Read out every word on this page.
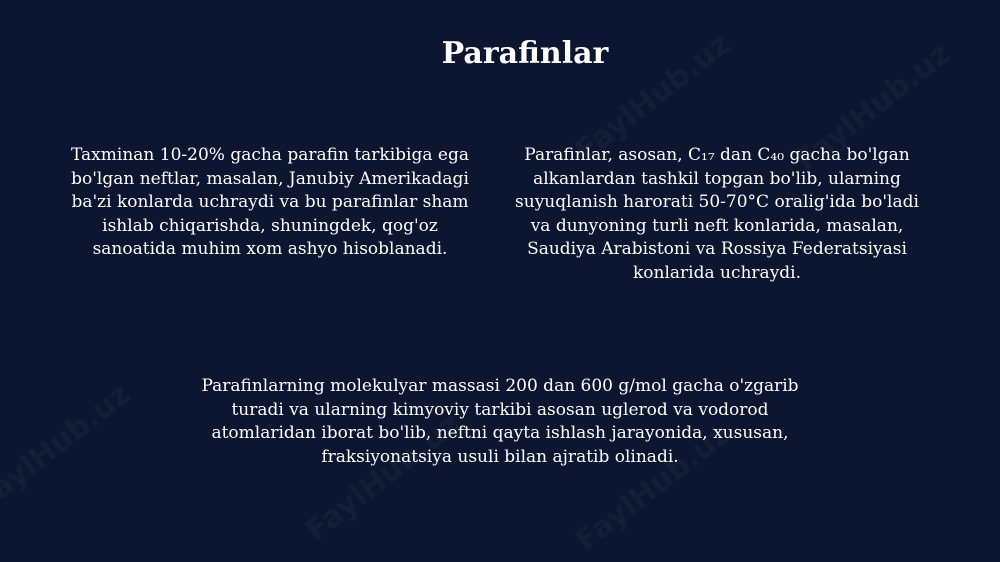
Parafinlar

Taxminan 10-20% gacha parafin tarkibiga ega bo'lgan neftlar, masalan, Janubiy Amerikadagi ba'zi konlarda uchraydi va bu parafinlar sham ishlab chiqarishda, shuningdek, qog'oz sanoatida muhim xom ashyo hisoblanadi.

Parafinlar, asosan, C₁₇ dan C₄₀ gacha bo'lgan alkanlardan tashkil topgan bo'lib, ularning suyuqlanish harorati 50-70°C oralig'ida bo'ladi va dunyoning turli neft konlarida, masalan, Saudiya Arabistoni va Rossiya Federatsiyasi konlarida uchraydi.

Parafinlarning molekulyar massasi 200 dan 600 g/mol gacha o'zgarib turadi va ularning kimyoviy tarkibi asosan uglerod va vodorod atomlaridan iborat bo'lib, neftni qayta ishlash jarayonida, xususan, fraksiyonatsiya usuli bilan ajratib olinadi.
